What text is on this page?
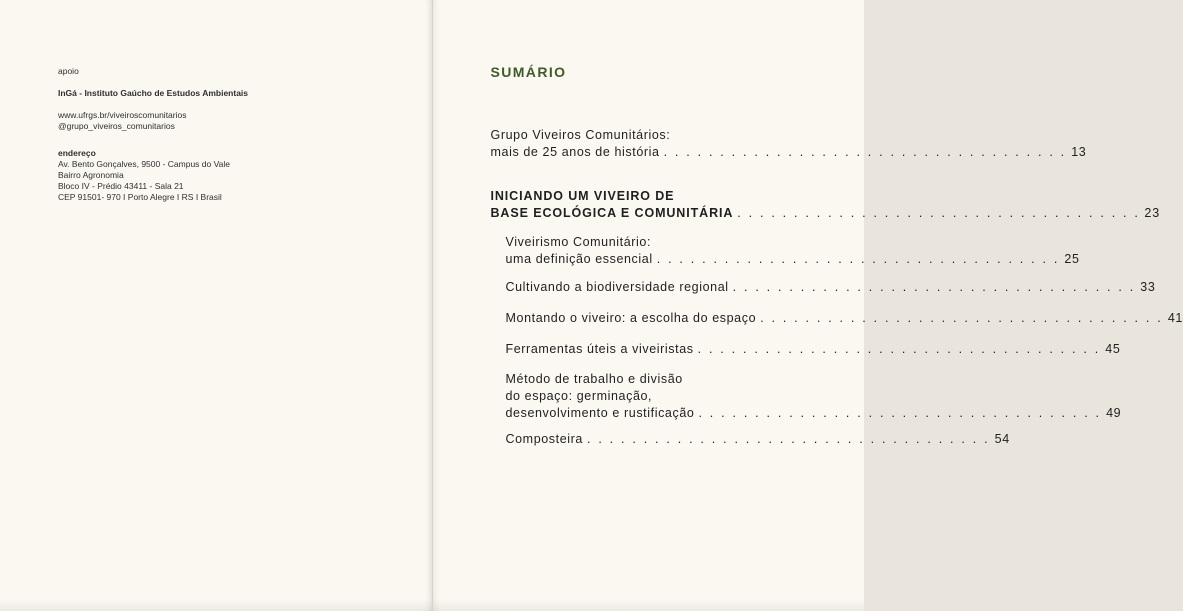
apoio
InGá - Instituto Gaúcho de Estudos Ambientais
www.ufrgs.br/viveiroscomunitarios
@grupo_viveiros_comunitarios
endereço
Av. Bento Gonçalves, 9500 - Campus do Vale
Bairro Agronomia
Bloco IV - Prédio 43411 - Sala 21
CEP 91501- 970 I Porto Alegre I RS I Brasil
SUMÁRIO
Grupo Viveiros Comunitários:
mais de 25 anos de história . . . . . . . . . . . . . . . . . . . . . . . . . . . . . . . . . . . . 13
INICIANDO UM VIVEIRO DE
BASE ECOLÓGICA E COMUNITÁRIA . . . . . . . . . . . . . . . . . . . . . . . . . . . . . . . . . . . . 23
Viveirismo Comunitário:
uma definição essencial . . . . . . . . . . . . . . . . . . . . . . . . . . . . . . . . . . . . 25
Cultivando a biodiversidade regional . . . . . . . . . . . . . . . . . . . . . . . . . . . . . . . . . . . . 33
Montando o viveiro: a escolha do espaço . . . . . . . . . . . . . . . . . . . . . . . . . . . . . . . . . . . . 41
Ferramentas úteis a viveiristas . . . . . . . . . . . . . . . . . . . . . . . . . . . . . . . . . . . . 45
Método de trabalho e divisão
do espaço: germinação,
desenvolvimento e rustificação . . . . . . . . . . . . . . . . . . . . . . . . . . . . . . . . . . . . 49
Composteira . . . . . . . . . . . . . . . . . . . . . . . . . . . . . . . . . . . . 54
